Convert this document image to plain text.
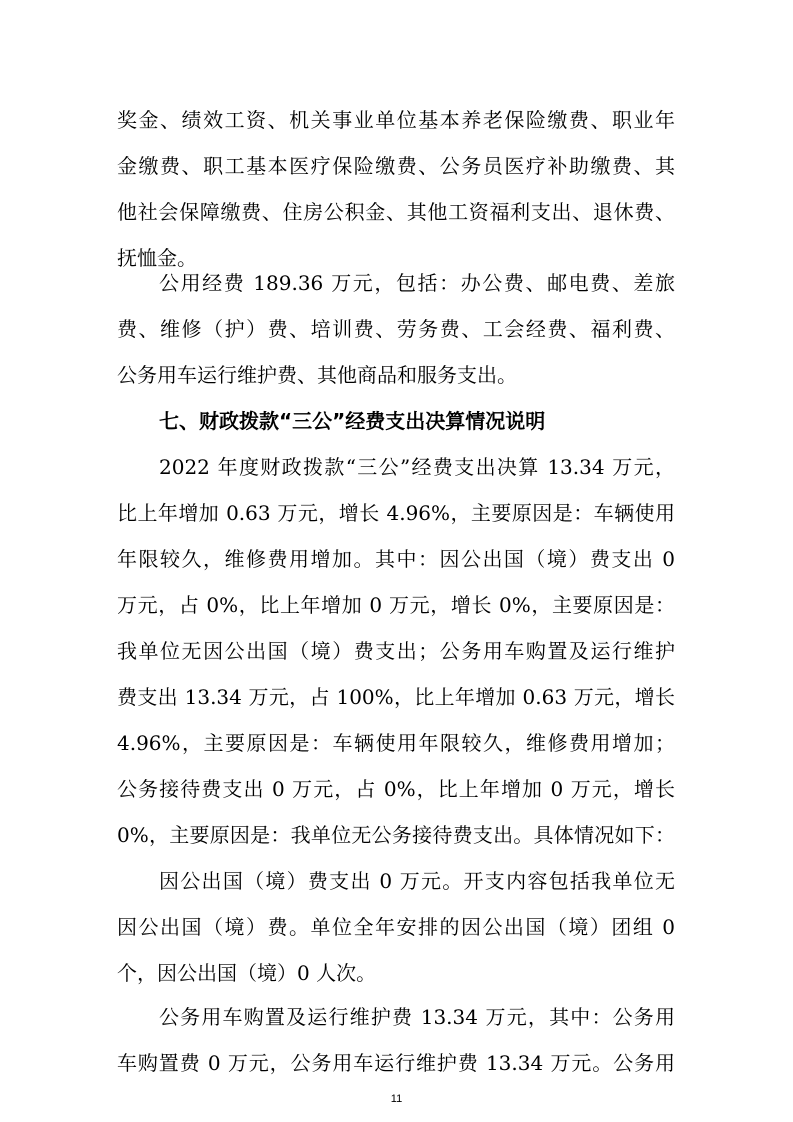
奖金、绩效工资、机关事业单位基本养老保险缴费、职业年
金缴费、职工基本医疗保险缴费、公务员医疗补助缴费、其
他社会保障缴费、住房公积金、其他工资福利支出、退休费、
抚恤金。
公用经费 189.36 万元，包括：办公费、邮电费、差旅
费、维修（护）费、培训费、劳务费、工会经费、福利费、
公务用车运行维护费、其他商品和服务支出。
七、财政拨款“三公”经费支出决算情况说明
2022 年度财政拨款“三公”经费支出决算 13.34 万元，
比上年增加 0.63 万元，增长 4.96%，主要原因是：车辆使用
年限较久，维修费用增加。其中：因公出国（境）费支出 0
万元，占 0%，比上年增加 0 万元，增长 0%，主要原因是：
我单位无因公出国（境）费支出；公务用车购置及运行维护
费支出 13.34 万元，占 100%，比上年增加 0.63 万元，增长
4.96%，主要原因是：车辆使用年限较久，维修费用增加；
公务接待费支出 0 万元，占 0%，比上年增加 0 万元，增长
0%，主要原因是：我单位无公务接待费支出。具体情况如下：
因公出国（境）费支出 0 万元。开支内容包括我单位无
因公出国（境）费。单位全年安排的因公出国（境）团组 0
个，因公出国（境）0 人次。
公务用车购置及运行维护费 13.34 万元，其中：公务用
车购置费 0 万元，公务用车运行维护费 13.34 万元。公务用
11
